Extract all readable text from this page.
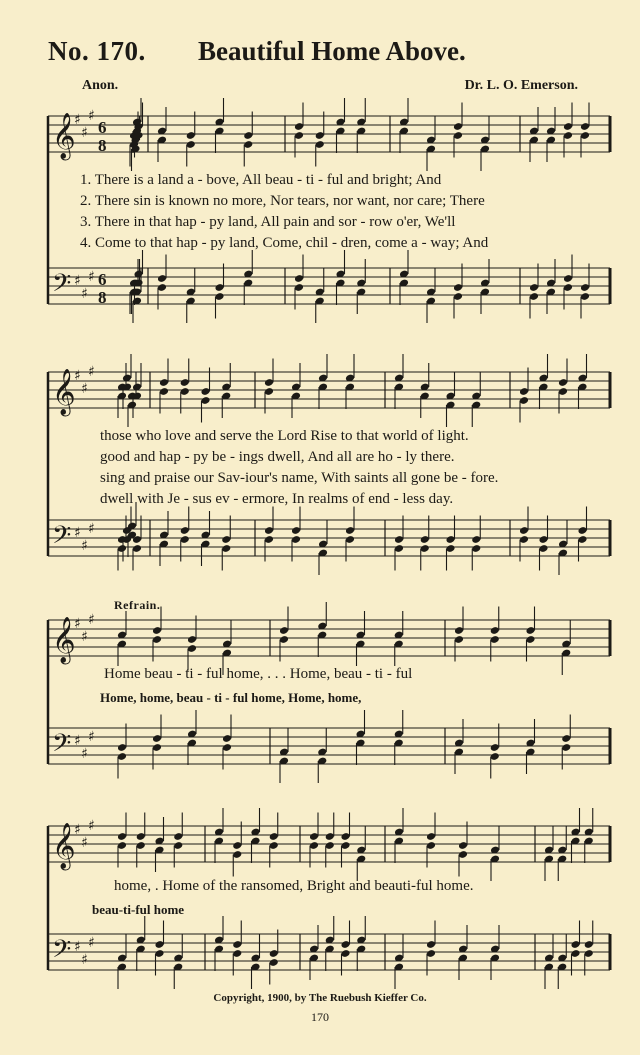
𝄞
♯
♯
♯
6
8
𝄢 ♯
♯
♯ 6
8
𝄞
♯
♯
♯
𝄢 ♯
♯
♯
𝄞
♯
♯
♯
𝄢 ♯
♯
♯
𝄞
♯
♯
♯
𝄢 ♯
♯
♯
No. 170. Beautiful Home Above.
Anon.	Dr. L. O. Emerson.
1. There is a land a - bove, All beau - ti - ful and bright; And
2. There sin is known no more, Nor tears, nor want, nor care; There
3. There in that hap - py land, All pain and sor - row o'er, We'll
4. Come to that hap - py land, Come, chil - dren, come a - way; And
those who love and serve the Lord Rise to that world of light.
good and hap - py be - ings dwell, And all are ho - ly there.
sing and praise our Sav-iour's name, With saints all gone be - fore.
dwell with Je - sus ev - ermore, In realms of end - less day.
Refrain.
Home beau - ti - ful home, . . . Home, beau - ti - ful
Home, home, beau - ti - ful home, Home, home,
home, . Home of the ransomed, Bright and beauti-ful home.
beau-ti-ful home
Copyright, 1900, by The Ruebush Kieffer Co.
170
